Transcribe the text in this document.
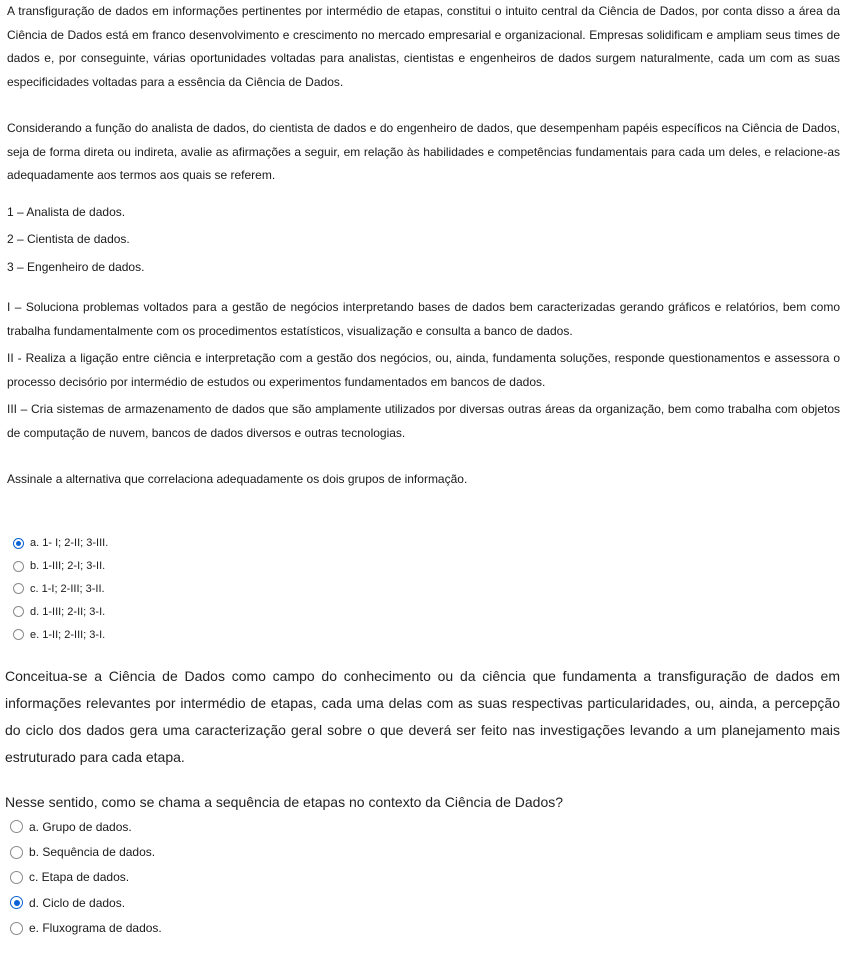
A transfiguração de dados em informações pertinentes por intermédio de etapas, constitui o intuito central da Ciência de Dados, por conta disso a área da Ciência de Dados está em franco desenvolvimento e crescimento no mercado empresarial e organizacional. Empresas solidificam e ampliam seus times de dados e, por conseguinte, várias oportunidades voltadas para analistas, cientistas e engenheiros de dados surgem naturalmente, cada um com as suas especificidades voltadas para a essência da Ciência de Dados.

Considerando a função do analista de dados, do cientista de dados e do engenheiro de dados, que desempenham papéis específicos na Ciência de Dados, seja de forma direta ou indireta, avalie as afirmações a seguir, em relação às habilidades e competências fundamentais para cada um deles, e relacione-as adequadamente aos termos aos quais se referem.

1 – Analista de dados.

2 – Cientista de dados.

3 – Engenheiro de dados.

I – Soluciona problemas voltados para a gestão de negócios interpretando bases de dados bem caracterizadas gerando gráficos e relatórios, bem como trabalha fundamentalmente com os procedimentos estatísticos, visualização e consulta a banco de dados.

II - Realiza a ligação entre ciência e interpretação com a gestão dos negócios, ou, ainda, fundamenta soluções, responde questionamentos e assessora o processo decisório por intermédio de estudos ou experimentos fundamentados em bancos de dados.

III – Cria sistemas de armazenamento de dados que são amplamente utilizados por diversas outras áreas da organização, bem como trabalha com objetos de computação de nuvem, bancos de dados diversos e outras tecnologias.

Assinale a alternativa que correlaciona adequadamente os dois grupos de informação.

a. 1- I; 2-II; 3-III.
b. 1-III; 2-I; 3-II.
c. 1-I; 2-III; 3-II.
d. 1-III; 2-II; 3-I.
e. 1-II; 2-III; 3-I.

Conceitua-se a Ciência de Dados como campo do conhecimento ou da ciência que fundamenta a transfiguração de dados em informações relevantes por intermédio de etapas, cada uma delas com as suas respectivas particularidades, ou, ainda, a percepção do ciclo dos dados gera uma caracterização geral sobre o que deverá ser feito nas investigações levando a um planejamento mais estruturado para cada etapa.

Nesse sentido, como se chama a sequência de etapas no contexto da Ciência de Dados?

a. Grupo de dados.
b. Sequência de dados.
c. Etapa de dados.
d. Ciclo de dados.
e. Fluxograma de dados.
